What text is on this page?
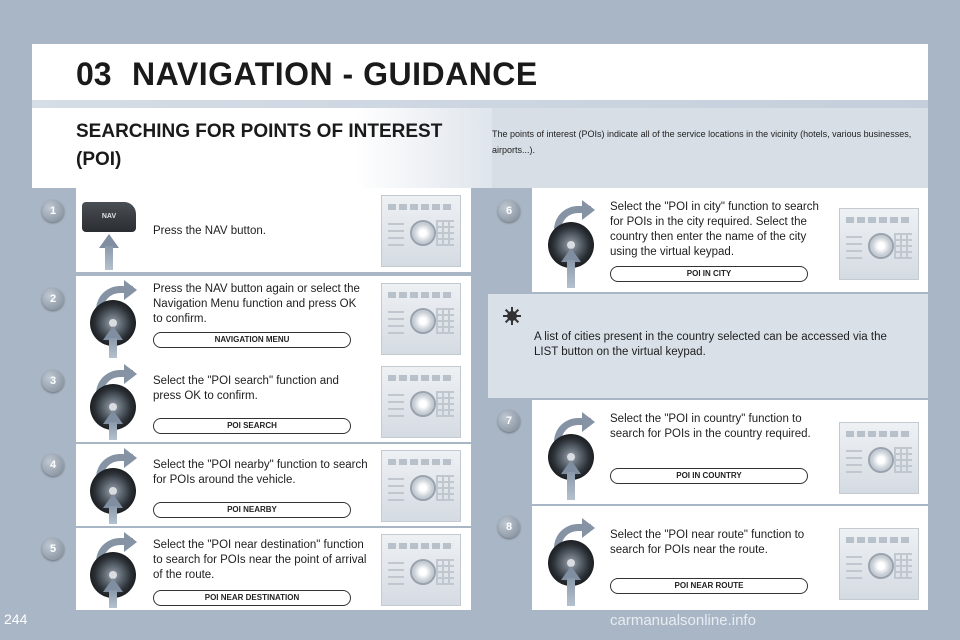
03 NAVIGATION - GUIDANCE
SEARCHING FOR POINTS OF INTEREST
(POI)
The points of interest (POIs) indicate all of the service locations in the vicinity (hotels, various businesses, airports...).
1	NAV
Press the NAV button.
2
Press the NAV button again or select the Navigation Menu function and press OK to confirm.
NAVIGATION MENU
3	Select the "POI search" function and press OK to confirm.
POI SEARCH
4	Select the "POI nearby" function to search for POIs around the vehicle.
POI NEARBY
5	Select the "POI near destination" function to search for POIs near the point of arrival of the route.
POI NEAR DESTINATION
6	Select the "POI in city" function to search for POIs in the city required. Select the country then enter the name of the city using the virtual keypad.
POI IN CITY
A list of cities present in the country selected can be accessed via the LIST button on the virtual keypad.
7	Select the "POI in country" function to search for POIs in the country required.
POI IN COUNTRY
8
Select the "POI near route" function to search for POIs near the route.
POI NEAR ROUTE
244	carmanualsonline.info
